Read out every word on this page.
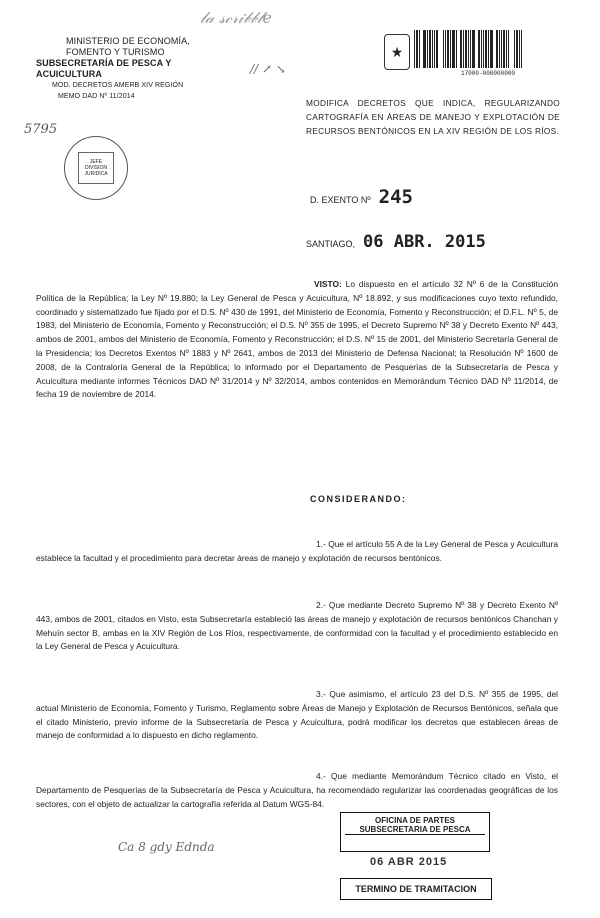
MINISTERIO DE ECONOMÍA,
FOMENTO Y TURISMO
SUBSECRETARÍA DE PESCA Y ACUICULTURA
MOD. DECRETOS AMERB XIV REGIÓN
MEMO DAD Nº 11/2014
𝓁𝒶 𝓈𝒸𝓇𝒾𝒷𝒷𝓁𝑒
// ↗ ↘
5795
JEFE
DIVISION
JURIDICA
★
17000-000000000
MODIFICA DECRETOS QUE INDICA, REGULARIZANDO CARTOGRAFÍA EN ÁREAS DE MANEJO Y EXPLOTACIÓN DE RECURSOS BENTÓNICOS EN LA XIV REGIÓN DE LOS RÍOS.
D. EXENTO Nº 245
SANTIAGO, 06 ABR. 2015
VISTO: Lo dispuesto en el artículo 32 Nº 6 de la Constitución Política de la República; la Ley Nº 19.880; la Ley General de Pesca y Acuicultura, Nº 18.892, y sus modificaciones cuyo texto refundido, coordinado y sistematizado fue fijado por el D.S. Nº 430 de 1991, del Ministerio de Economía, Fomento y Reconstrucción; el D.F.L. Nº 5, de 1983, del Ministerio de Economía, Fomento y Reconstrucción; el D.S. Nº 355 de 1995, el Decreto Supremo Nº 38 y Decreto Exento Nº 443, ambos de 2001, ambos del Ministerio de Economía, Fomento y Reconstrucción; el D.S. Nº 15 de 2001, del Ministerio Secretaría General de la Presidencia; los Decretos Exentos Nº 1883 y Nº 2641, ambos de 2013 del Ministerio de Defensa Nacional; la Resolución Nº 1600 de 2008, de la Contraloría General de la República; lo informado por el Departamento de Pesquerías de la Subsecretaría de Pesca y Acuicultura mediante informes Técnicos DAD Nº 31/2014 y Nº 32/2014, ambos contenidos en Memorándum Técnico DAD Nº 11/2014, de fecha 19 de noviembre de 2014.
CONSIDERANDO:
1.- Que el artículo 55 A de la Ley General de Pesca y Acuicultura establece la facultad y el procedimiento para decretar áreas de manejo y explotación de recursos bentónicos.
2.- Que mediante Decreto Supremo Nº 38 y Decreto Exento Nº 443, ambos de 2001, citados en Visto, esta Subsecretaría estableció las áreas de manejo y explotación de recursos bentónicos Chanchan y Mehuín sector B, ambas en la XIV Región de Los Ríos, respectivamente, de conformidad con la facultad y el procedimiento establecido en la Ley General de Pesca y Acuicultura.
3.- Que asimismo, el artículo 23 del D.S. Nº 355 de 1995, del actual Ministerio de Economía, Fomento y Turismo, Reglamento sobre Áreas de Manejo y Explotación de Recursos Bentónicos, señala que el citado Ministerio, previo informe de la Subsecretaría de Pesca y Acuicultura, podrá modificar los decretos que establecen áreas de manejo de conformidad a lo dispuesto en dicho reglamento.
4.- Que mediante Memorándum Técnico citado en Visto, el Departamento de Pesquerías de la Subsecretaría de Pesca y Acuicultura, ha recomendado regularizar las coordenadas geográficas de los sectores, con el objeto de actualizar la cartografía referida al Datum WGS-84.
Ca 8 gdy Ednda
OFICINA DE PARTES
SUBSECRETARIA DE PESCA
06 ABR 2015
TERMINO DE TRAMITACION
